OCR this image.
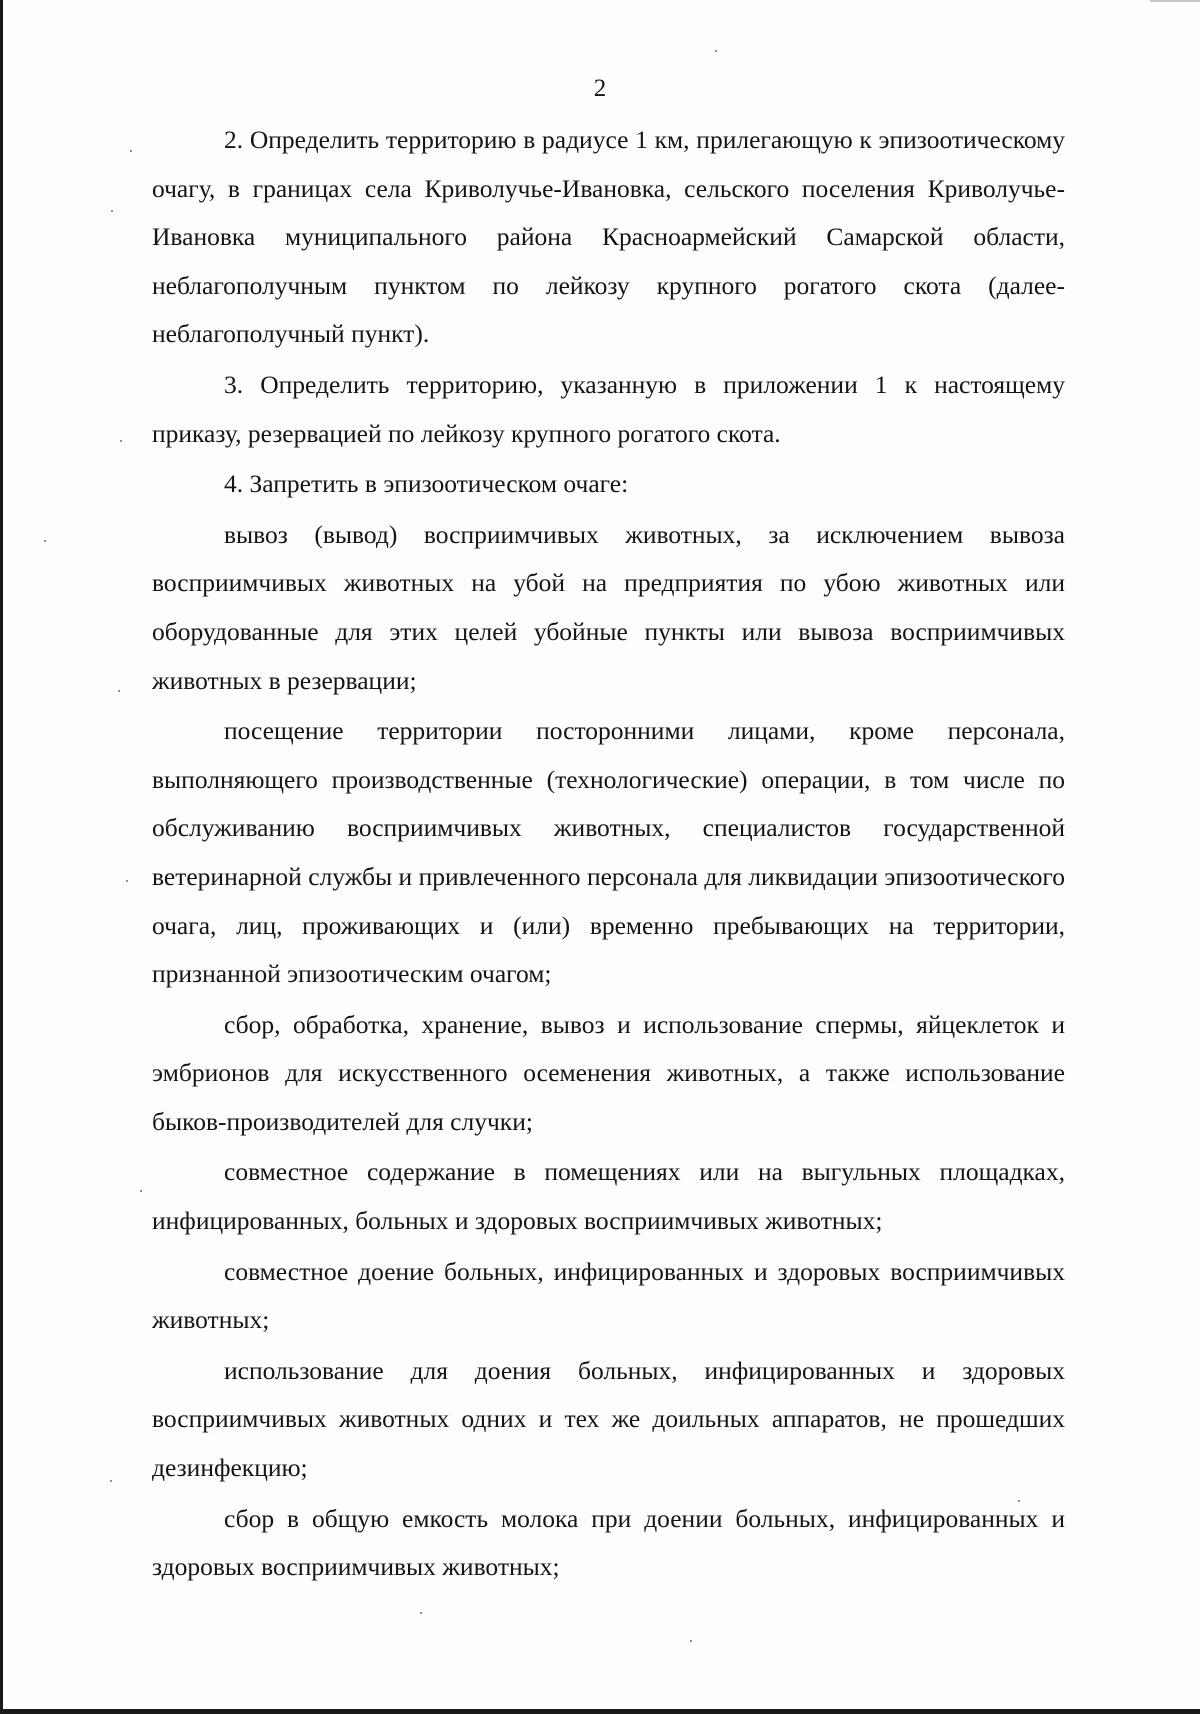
2

2. Определить территорию в радиусе 1 км, прилегающую к эпизоотическому очагу, в границах села Криволучье-Ивановка, сельского поселения Криволучье-Ивановка муниципального района Красноармейский Самарской области, неблагополучным пунктом по лейкозу крупного рогатого скота (далее-неблагополучный пункт).

3. Определить территорию, указанную в приложении 1 к настоящему приказу, резервацией по лейкозу крупного рогатого скота.

4. Запретить в эпизоотическом очаге:

вывоз (вывод) восприимчивых животных, за исключением вывоза восприимчивых животных на убой на предприятия по убою животных или оборудованные для этих целей убойные пункты или вывоза восприимчивых животных в резервации;

посещение территории посторонними лицами, кроме персонала, выполняющего производственные (технологические) операции, в том числе по обслуживанию восприимчивых животных, специалистов государственной ветеринарной службы и привлеченного персонала для ликвидации эпизоотического очага, лиц, проживающих и (или) временно пребывающих на территории, признанной эпизоотическим очагом;

сбор, обработка, хранение, вывоз и использование спермы, яйцеклеток и эмбрионов для искусственного осеменения животных, а также использование быков-производителей для случки;

совместное содержание в помещениях или на выгульных площадках, инфицированных, больных и здоровых восприимчивых животных;

совместное доение больных, инфицированных и здоровых восприимчивых животных;

использование для доения больных, инфицированных и здоровых восприимчивых животных одних и тех же доильных аппаратов, не прошедших дезинфекцию;

сбор в общую емкость молока при доении больных, инфицированных и здоровых восприимчивых животных;
